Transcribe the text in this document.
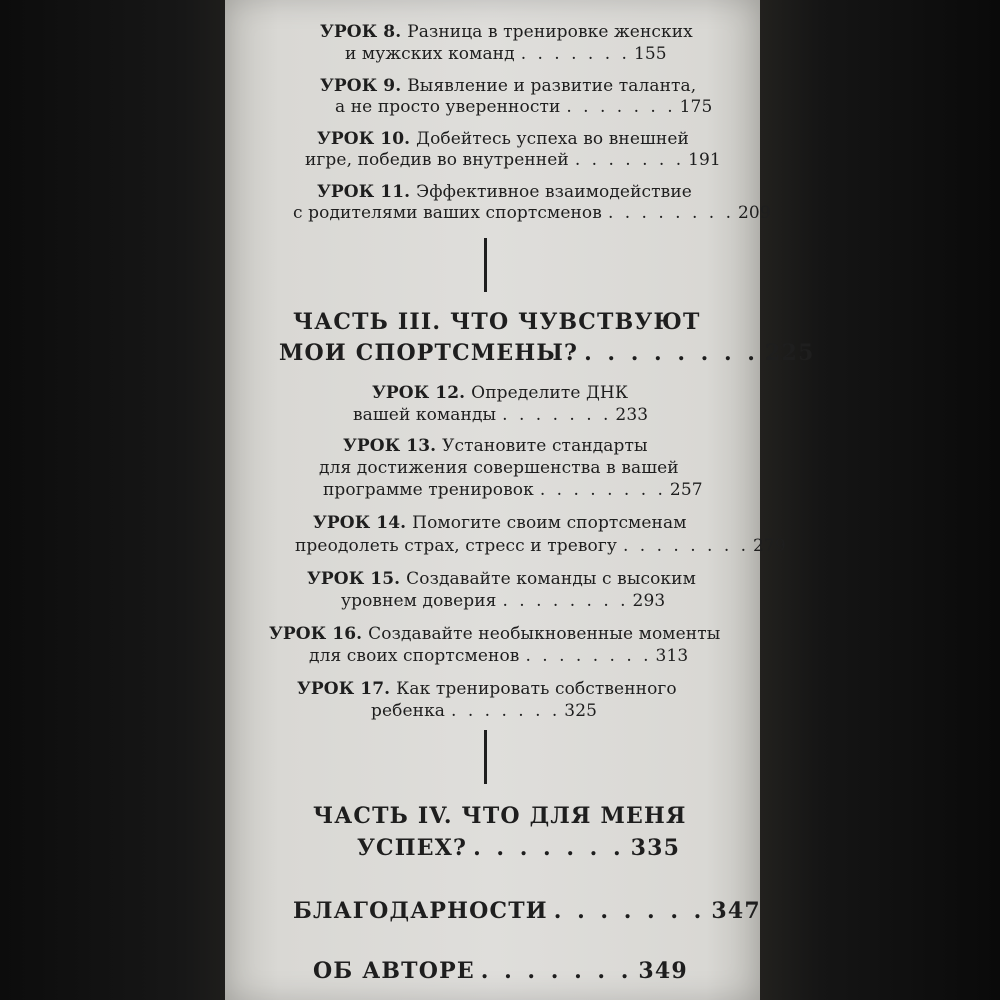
УРОК 8. Разница в тренировке женских
и мужских команд . . . . . . . 155
УРОК 9. Выявление и развитие таланта,
а не просто уверенности . . . . . . . 175
УРОК 10. Добейтесь успеха во внешней
игре, победив во внутренней . . . . . . . 191
УРОК 11. Эффективное взаимодействие
с родителями ваших спортсменов . . . . . . . . 209
ЧАСТЬ III. ЧТО ЧУВСТВУЮТ
МОИ СПОРТСМЕНЫ? . . . . . . . . 225
УРОК 12. Определите ДНК
вашей команды . . . . . . . 233
УРОК 13. Установите стандарты
для достижения совершенства в вашей
программе тренировок . . . . . . . . 257
УРОК 14. Помогите своим спортсменам
преодолеть страх, стресс и тревогу . . . . . . . . 279
УРОК 15. Создавайте команды с высоким
уровнем доверия . . . . . . . . 293
УРОК 16. Создавайте необыкновенные моменты
для своих спортсменов . . . . . . . . 313
УРОК 17. Как тренировать собственного
ребенка . . . . . . . 325
ЧАСТЬ IV. ЧТО ДЛЯ МЕНЯ
УСПЕХ? . . . . . . . 335
БЛАГОДАРНОСТИ . . . . . . . 347
ОБ АВТОРЕ . . . . . . . 349
